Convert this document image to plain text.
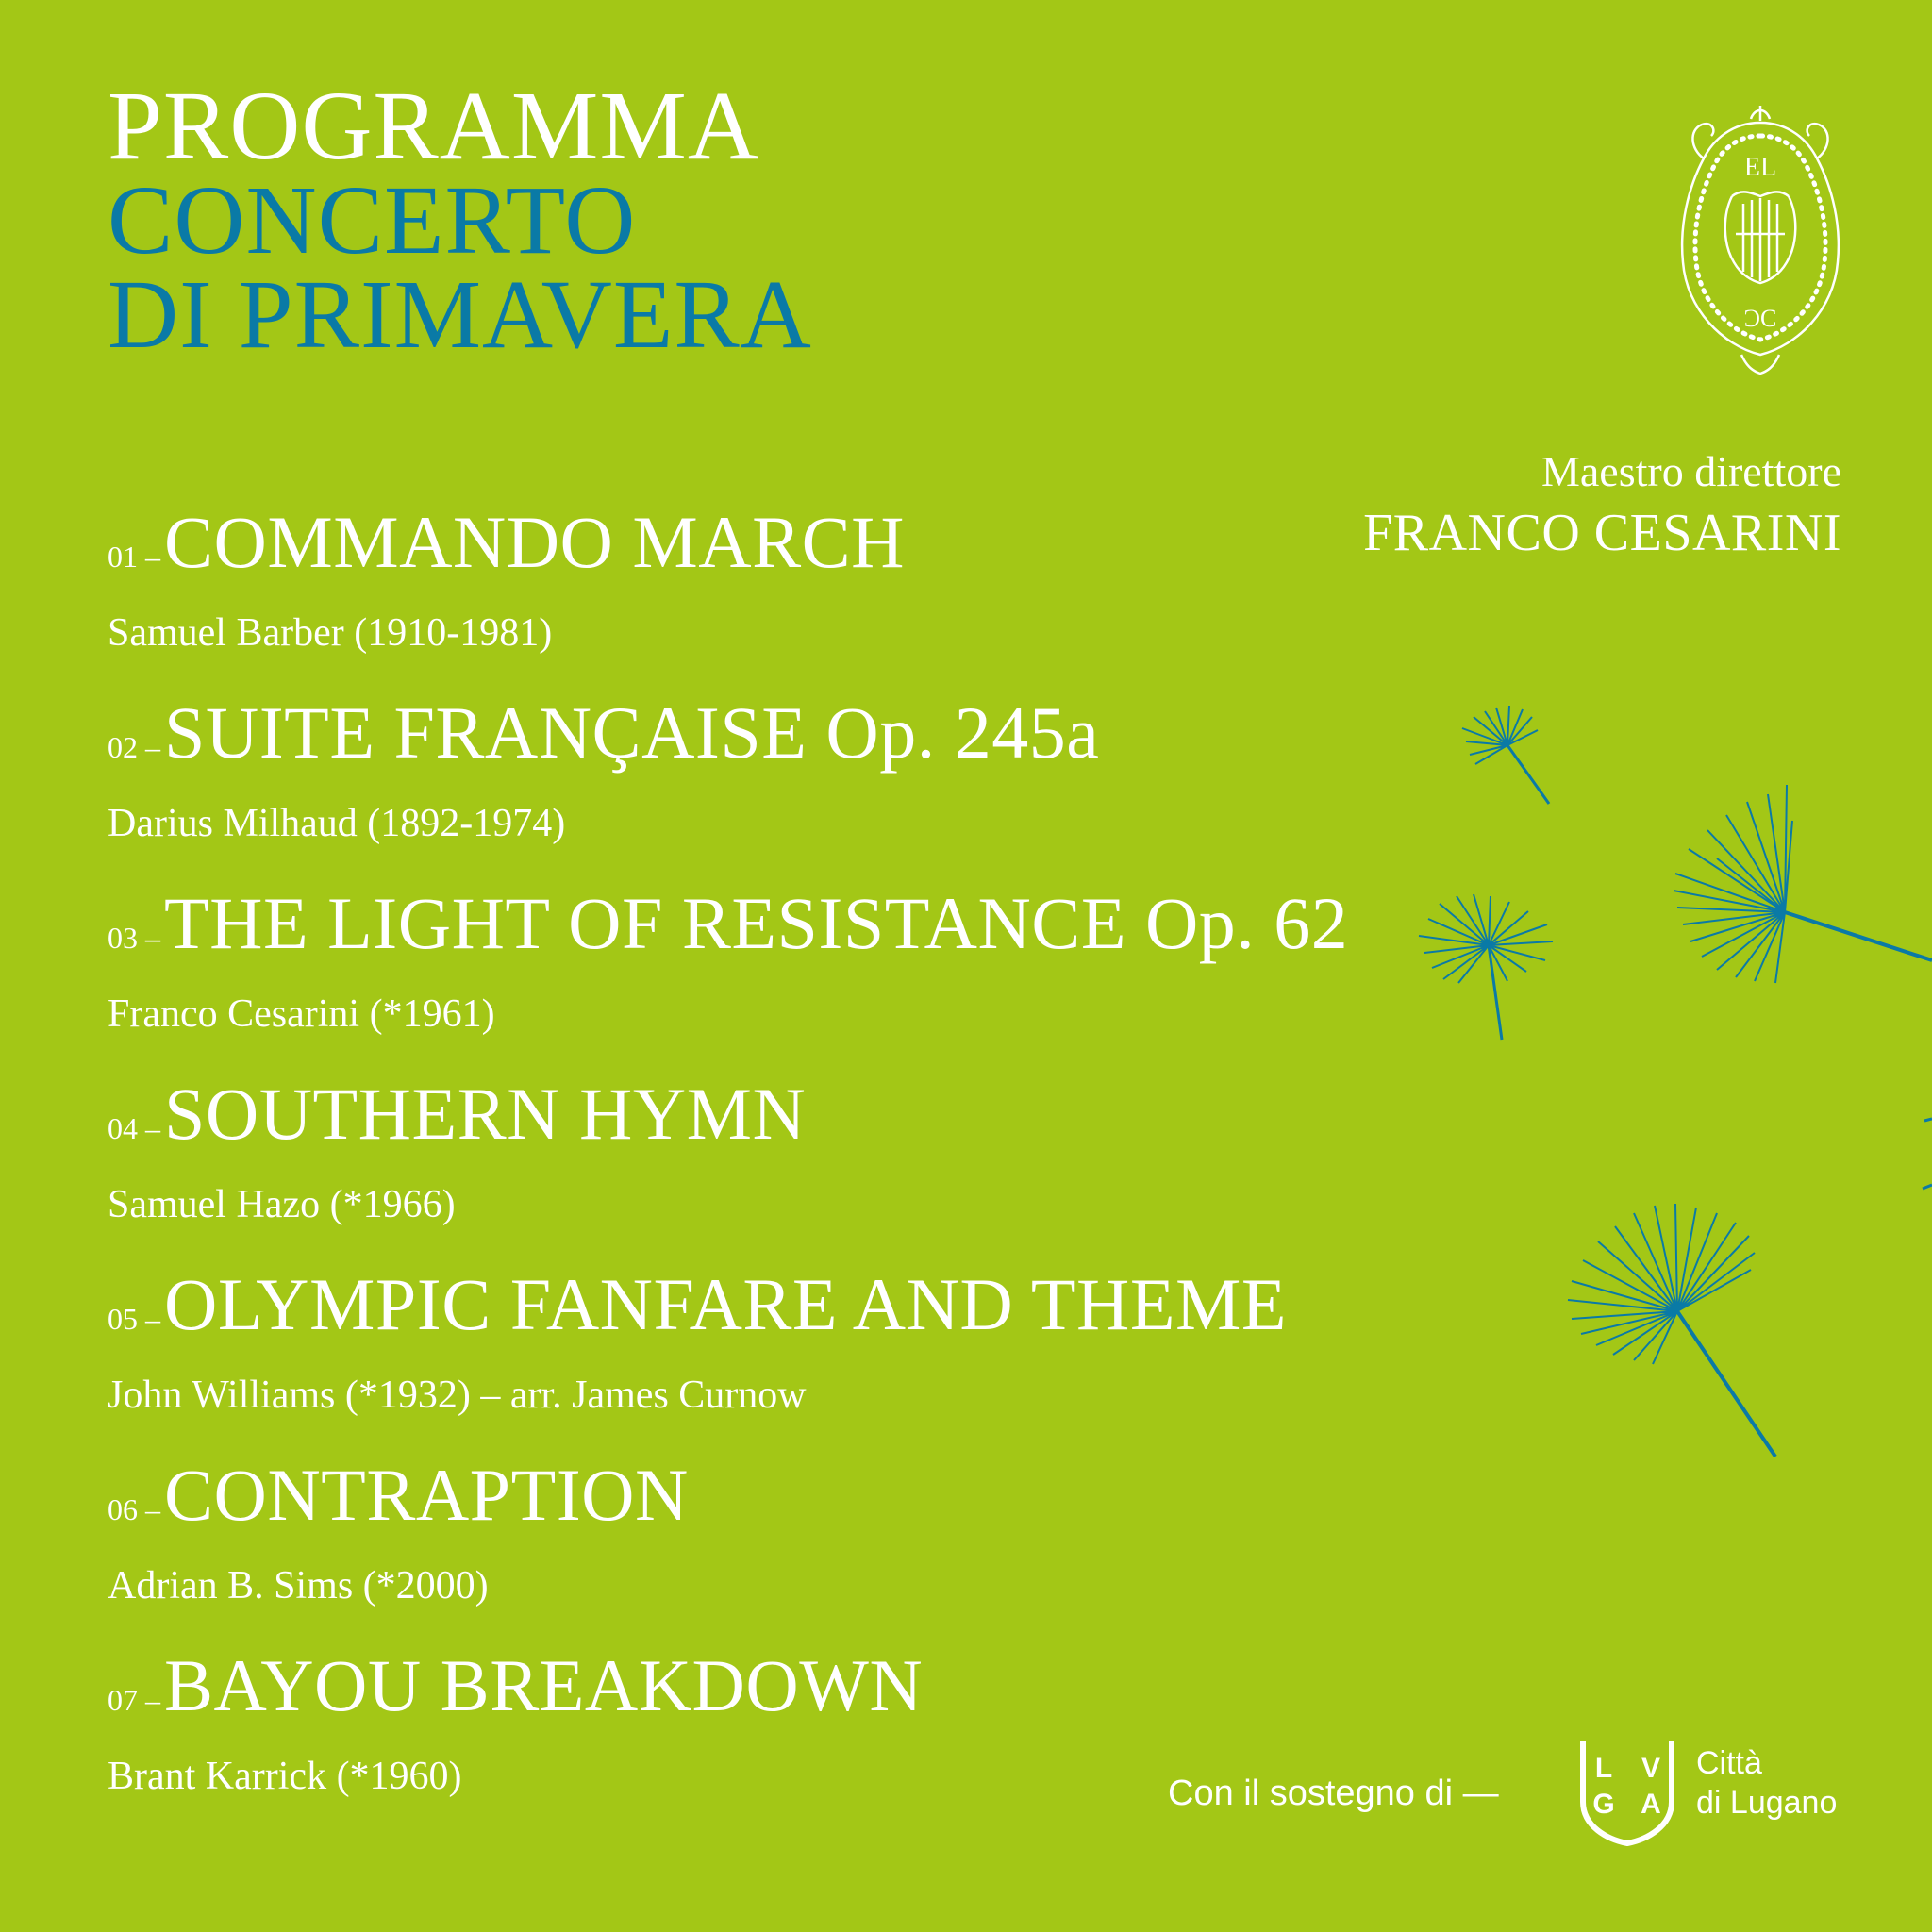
PROGRAMMA
CONCERTO
DI PRIMAVERA
EL
ƆC
Maestro direttore
FRANCO CESARINI
01 – COMMANDO MARCH
Samuel Barber (1910-1981)
02 – SUITE FRANÇAISE Op. 245a
Darius Milhaud (1892-1974)
03 – THE LIGHT OF RESISTANCE Op. 62
Franco Cesarini (*1961)
04 – SOUTHERN HYMN
Samuel Hazo (*1966)
05 – OLYMPIC FANFARE AND THEME
John Williams (*1932) – arr. James Curnow
06 – CONTRAPTION
Adrian B. Sims (*2000)
07 – BAYOU BREAKDOWN
Brant Karrick (*1960)	Con il sostegno di —
L V
G A
Città
di Lugano
